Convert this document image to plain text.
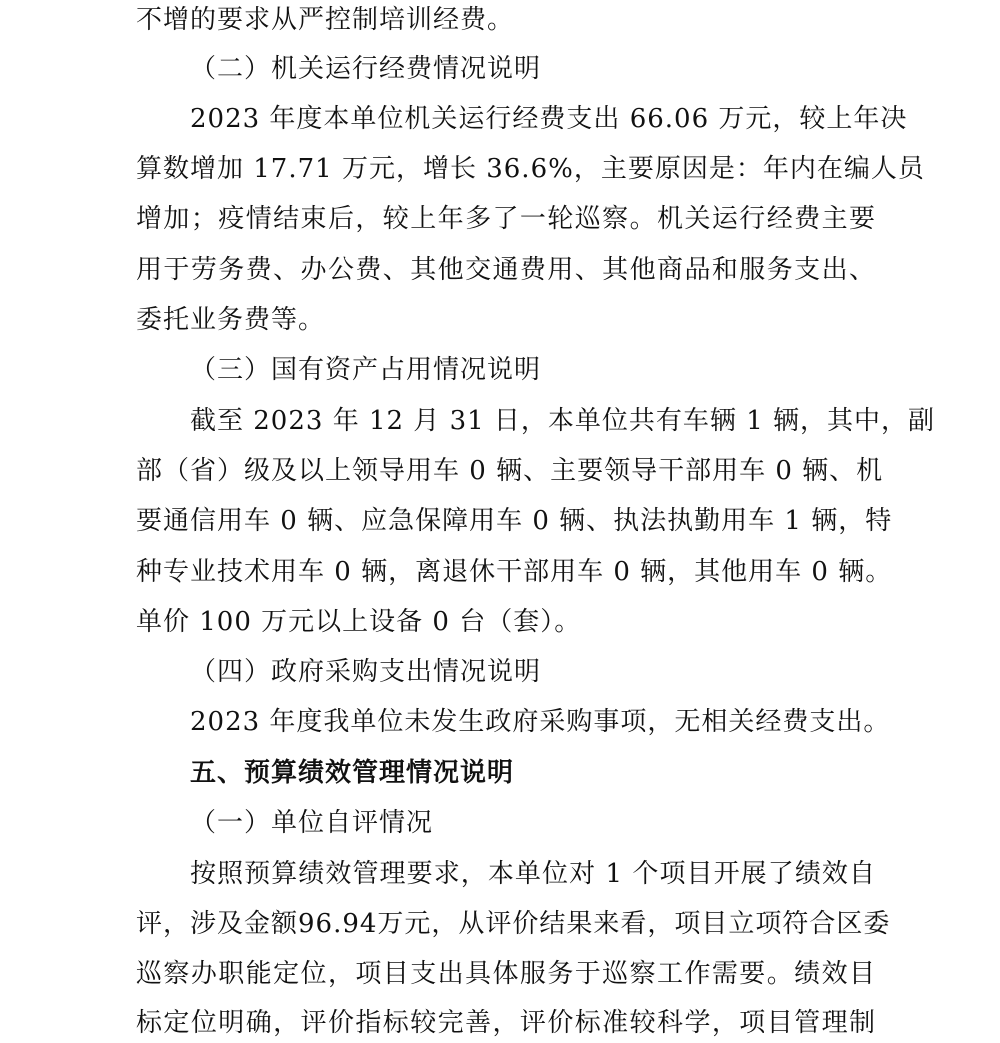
不增的要求从严控制培训经费。
（二）机关运行经费情况说明
2023 年度本单位机关运行经费支出 66.06 万元，较上年决
算数增加 17.71 万元，增长 36.6%，主要原因是：年内在编人员
增加；疫情结束后，较上年多了一轮巡察。机关运行经费主要
用于劳务费、办公费、其他交通费用、其他商品和服务支出、
委托业务费等。
（三）国有资产占用情况说明
截至 2023 年 12 月 31 日，本单位共有车辆 1 辆，其中，副
部（省）级及以上领导用车 0 辆、主要领导干部用车 0 辆、机
要通信用车 0 辆、应急保障用车 0 辆、执法执勤用车 1 辆，特
种专业技术用车 0 辆，离退休干部用车 0 辆，其他用车 0 辆。
单价 100 万元以上设备 0 台（套）。
（四）政府采购支出情况说明
2023 年度我单位未发生政府采购事项，无相关经费支出。
五、预算绩效管理情况说明
（一）单位自评情况
按照预算绩效管理要求，本单位对 1 个项目开展了绩效自
评，涉及金额96.94万元，从评价结果来看，项目立项符合区委
巡察办职能定位，项目支出具体服务于巡察工作需要。绩效目
标定位明确，评价指标较完善，评价标准较科学，项目管理制
